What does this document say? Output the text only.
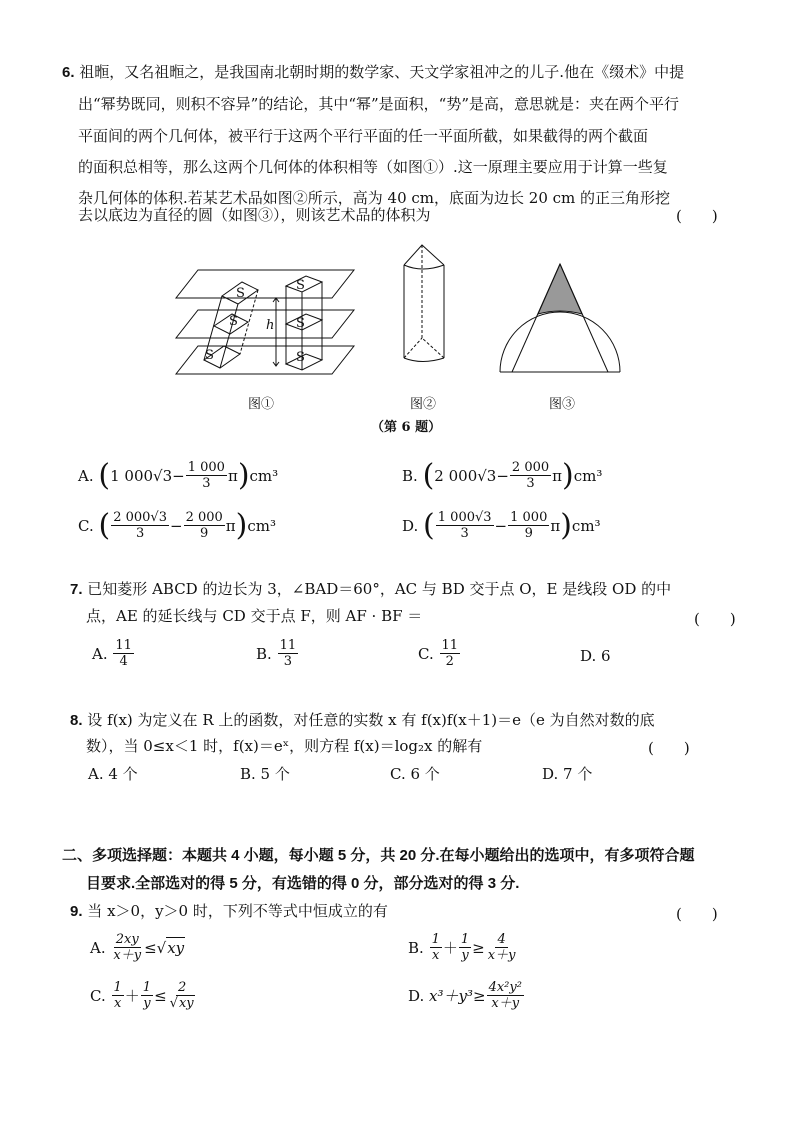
6. 祖暅，又名祖暅之，是我国南北朝时期的数学家、天文学家祖冲之的儿子.他在《缀术》中提
出“幂势既同，则积不容异”的结论，其中“幂”是面积，“势”是高，意思就是：夹在两个平行
平面间的两个几何体，被平行于这两个平行平面的任一平面所截，如果截得的两个截面
的面积总相等，那么这两个几何体的体积相等（如图①）.这一原理主要应用于计算一些复
杂几何体的体积.若某艺术品如图②所示，高为 40 cm，底面为边长 20 cm 的正三角形挖
去以底边为直径的圆（如图③），则该艺术品的体积为	(　　)
S
S
S	S
S	S
h
图①	图②	图③
（第 6 题）
A.
( 1 $000√3 - \frac{1 000}{3}$ π ) cm³	B.
( 2 $000√3 - \frac{2 000}{3}$ π ) cm³
C.
( $\frac{2 000√3}{3} - \frac{2 000}{9}$ π ) cm³	D.
( $\frac{1 000√3}{3} - \frac{1 000}{9}$ π ) cm³
7. 已知菱形 ABCD 的边长为 3，∠BAD＝60°，AC 与 BD 交于点 O，E 是线段 OD 的中
点，AE 的延长线与 CD 交于点 F，则 AF · BF ＝	(　　)
A.
$\frac{11}{4}$	B.
$\frac{11}{3}$	C.
$\frac{11}{2}$	D.
6
8. 设 f(x) 为定义在 R 上的函数，对任意的实数 x 有 f(x)f(x＋1)＝e（e 为自然对数的底
数），当 0≤x＜1 时，f(x)＝eˣ，则方程 f(x)＝log₂x 的解有	(　　)
A. 4 个	B. 5 个	C. 6 个	D. 7 个
二、多项选择题：本题共 4 小题，每小题 5 分，共 20 分.在每小题给出的选项中，有多项符合题
目要求.全部选对的得 5 分，有选错的得 0 分，部分选对的得 3 分.
9. 当 x＞0，y＞0 时，下列不等式中恒成立的有	(　　)
A.
$\frac{2xy}{x+y}$ ≤ √ xy	B.
$\frac{1}{x} + \frac{1}{y} \ge \frac{4}{x+y}$
C.
$\frac{1}{x} + \frac{1}{y} \le \frac{2}{√xy}$	D.
$x^3+y^3\ge \frac{\text{4x²y²}}{x+y}$
